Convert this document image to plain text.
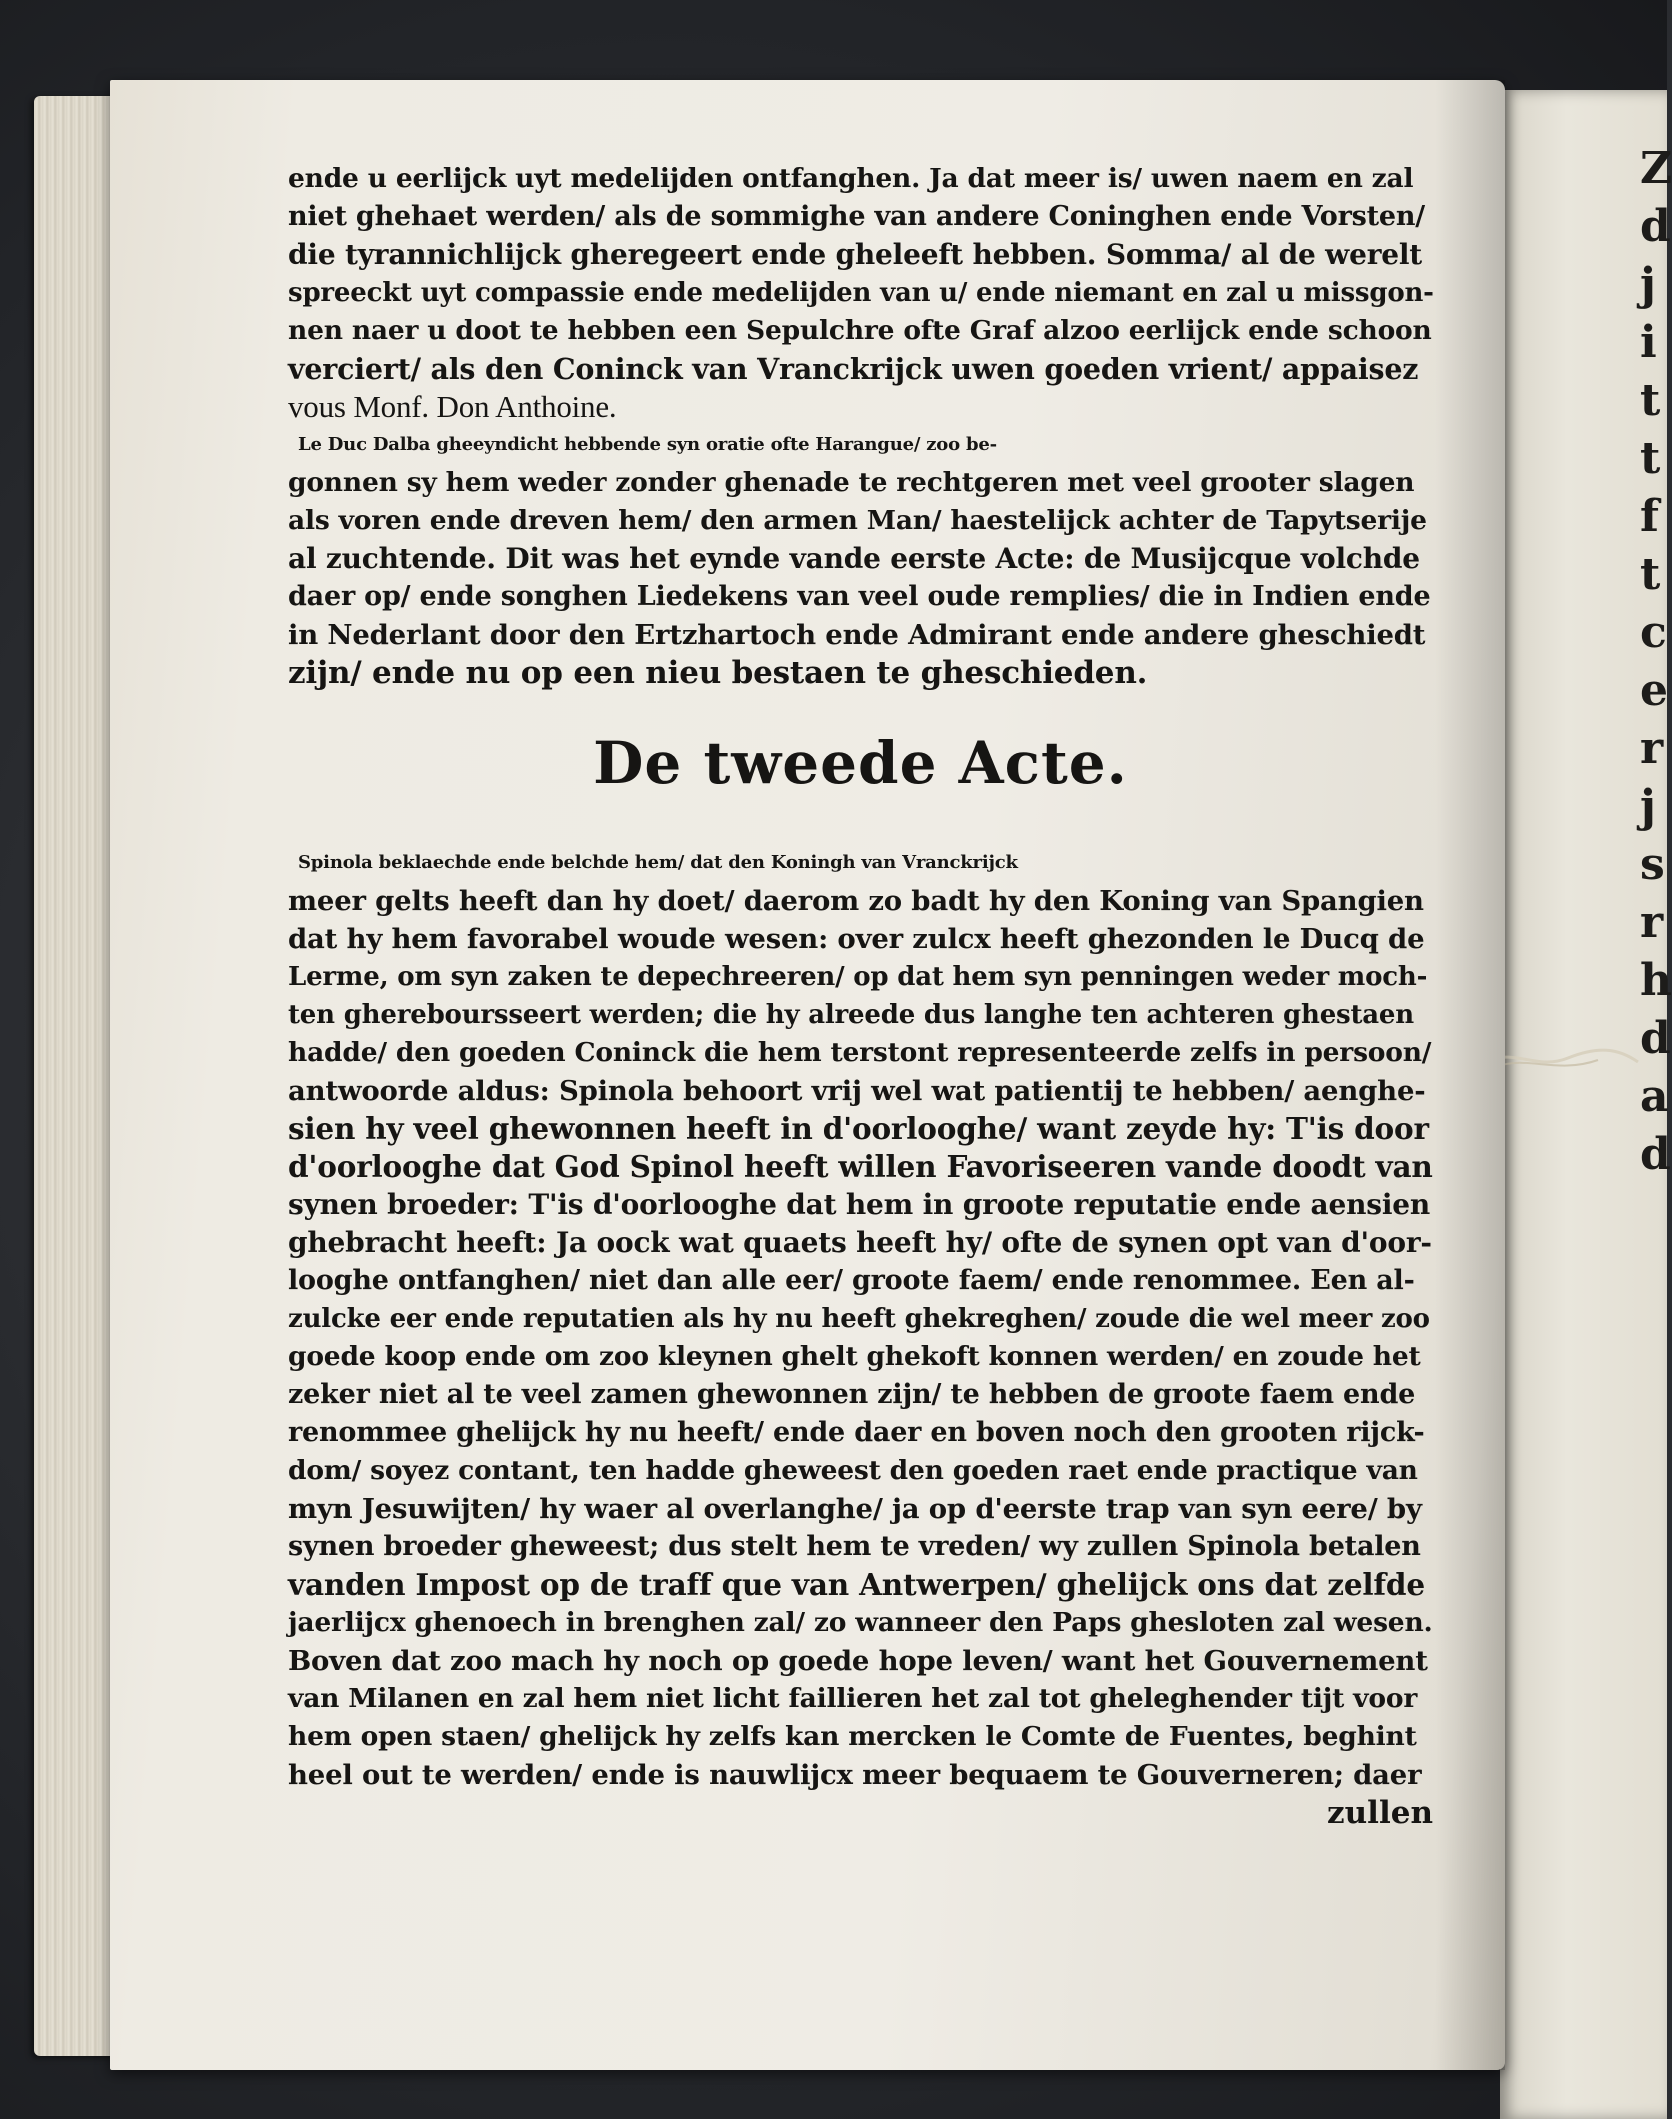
Z
d
j
i
t
t
f
t
c
e
r
j
s
r
h
d
a
d
ende u eerlijck uyt medelijden ontfanghen. Ja dat meer is/ uwen naem en zal
niet ghehaet werden/ als de sommighe van andere Coninghen ende Vorsten/
die tyrannichlijck gheregeert ende gheleeft hebben. Somma/ al de werelt
spreeckt uyt compassie ende medelijden van u/ ende niemant en zal u missgon-
nen naer u doot te hebben een Sepulchre ofte Graf alzoo eerlijck ende schoon
verciert/ als den Coninck van Vranckrijck uwen goeden vrient/ appaisez
vous Monf. Don Anthoine.
Le Duc Dalba gheeyndicht hebbende syn oratie ofte Harangue/ zoo be-
gonnen sy hem weder zonder ghenade te rechtgeren met veel grooter slagen
als voren ende dreven hem/ den armen Man/ haestelijck achter de Tapytserije
al zuchtende. Dit was het eynde vande eerste Acte: de Musijcque volchde
daer op/ ende songhen Liedekens van veel oude remplies/ die in Indien ende
in Nederlant door den Ertzhartoch ende Admirant ende andere gheschiedt
zijn/ ende nu op een nieu bestaen te gheschieden.
De tweede Acte.
Spinola beklaechde ende belchde hem/ dat den Koningh van Vranckrijck
meer gelts heeft dan hy doet/ daerom zo badt hy den Koning van Spangien
dat hy hem favorabel woude wesen: over zulcx heeft ghezonden le Ducq de
Lerme, om syn zaken te depechreeren/ op dat hem syn penningen weder moch-
ten ghereboursseert werden; die hy alreede dus langhe ten achteren ghestaen
hadde/ den goeden Coninck die hem terstont representeerde zelfs in persoon/
antwoorde aldus: Spinola behoort vrij wel wat patientij te hebben/ aenghe-
sien hy veel ghewonnen heeft in d'oorlooghe/ want zeyde hy: T'is door
d'oorlooghe dat God Spinol heeft willen Favoriseeren vande doodt van
synen broeder: T'is d'oorlooghe dat hem in groote reputatie ende aensien
ghebracht heeft: Ja oock wat quaets heeft hy/ ofte de synen opt van d'oor-
looghe ontfanghen/ niet dan alle eer/ groote faem/ ende renommee. Een al-
zulcke eer ende reputatien als hy nu heeft ghekreghen/ zoude die wel meer zoo
goede koop ende om zoo kleynen ghelt ghekoft konnen werden/ en zoude het
zeker niet al te veel zamen ghewonnen zijn/ te hebben de groote faem ende
renommee ghelijck hy nu heeft/ ende daer en boven noch den grooten rijck-
dom/ soyez contant, ten hadde gheweest den goeden raet ende practique van
myn Jesuwijten/ hy waer al overlanghe/ ja op d'eerste trap van syn eere/ by
synen broeder gheweest; dus stelt hem te vreden/ wy zullen Spinola betalen
vanden Impost op de traff que van Antwerpen/ ghelijck ons dat zelfde
jaerlijcx ghenoech in brenghen zal/ zo wanneer den Paps ghesloten zal wesen.
Boven dat zoo mach hy noch op goede hope leven/ want het Gouvernement
van Milanen en zal hem niet licht faillieren het zal tot gheleghender tijt voor
hem open staen/ ghelijck hy zelfs kan mercken le Comte de Fuentes, beghint
heel out te werden/ ende is nauwlijcx meer bequaem te Gouverneren; daer
zullen
